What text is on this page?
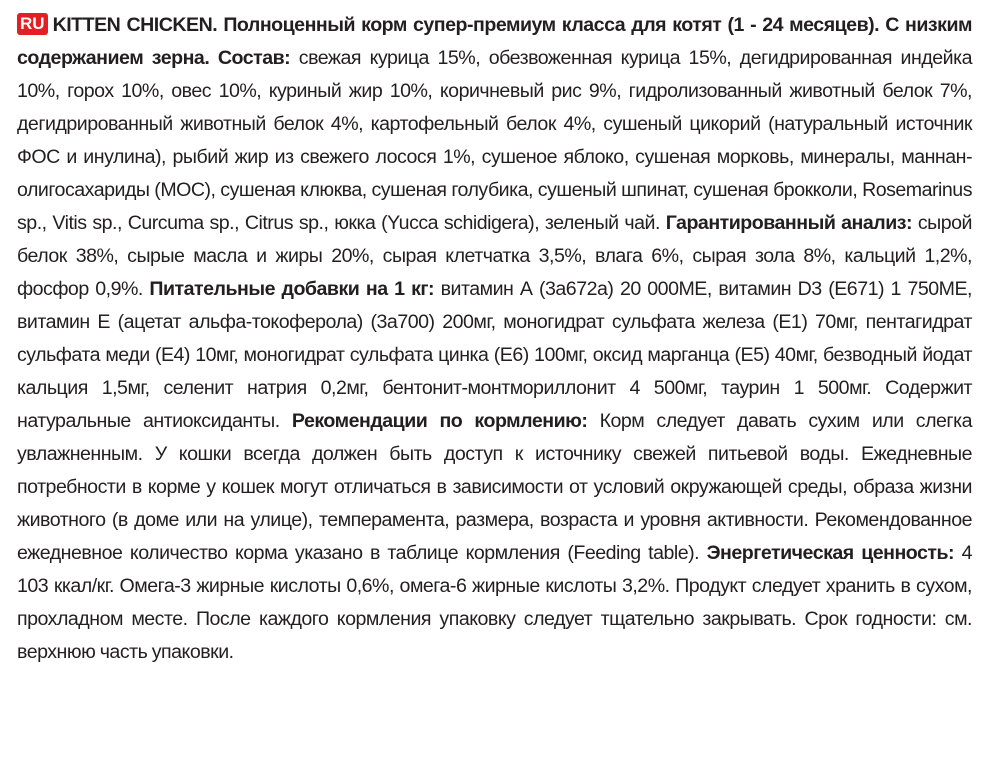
RU KITTEN CHICKEN. Полноценный корм супер-премиум класса для котят (1 - 24 месяцев). С низким содержанием зерна. Состав: свежая курица 15%, обезвоженная курица 15%, дегидрированная индейка 10%, горох 10%, овес 10%, куриный жир 10%, коричневый рис 9%, гидролизованный животный белок 7%, дегидрированный животный белок 4%, картофельный белок 4%, сушеный цикорий (натуральный источник ФОС и инулина), рыбий жир из свежего лосося 1%, сушеное яблоко, сушеная морковь, минералы, маннан-олигосахариды (МОС), сушеная клюква, сушеная голубика, сушеный шпинат, сушеная брокколи, Rosemarinus sp., Vitis sp., Curcuma sp., Citrus sp., юкка (Yucca schidigera), зеленый чай. Гарантированный анализ: сырой белок 38%, сырые масла и жиры 20%, сырая клетчатка 3,5%, влага 6%, сырая зола 8%, кальций 1,2%, фосфор 0,9%. Питательные добавки на 1 кг: витамин А (3а672а) 20 000МЕ, витамин D3 (Е671) 1 750МЕ, витамин Е (ацетат альфа-токоферола) (3а700) 200мг, моногидрат сульфата железа (Е1) 70мг, пентагидрат сульфата меди (Е4) 10мг, моногидрат сульфата цинка (Е6) 100мг, оксид марганца (Е5) 40мг, безводный йодат кальция 1,5мг, селенит натрия 0,2мг, бентонит-монтмориллонит 4 500мг, таурин 1 500мг. Содержит натуральные антиоксиданты. Рекомендации по кормлению: Корм следует давать сухим или слегка увлажненным. У кошки всегда должен быть доступ к источнику свежей питьевой воды. Ежедневные потребности в корме у кошек могут отличаться в зависимости от условий окружающей среды, образа жизни животного (в доме или на улице), темперамента, размера, возраста и уровня активности. Рекомендованное ежедневное количество корма указано в таблице кормления (Feeding table). Энергетическая ценность: 4 103 ккал/кг. Омега-3 жирные кислоты 0,6%, омега-6 жирные кислоты 3,2%. Продукт следует хранить в сухом, прохладном месте. После каждого кормления упаковку следует тщательно закрывать. Срок годности: см. верхнюю часть упаковки.
